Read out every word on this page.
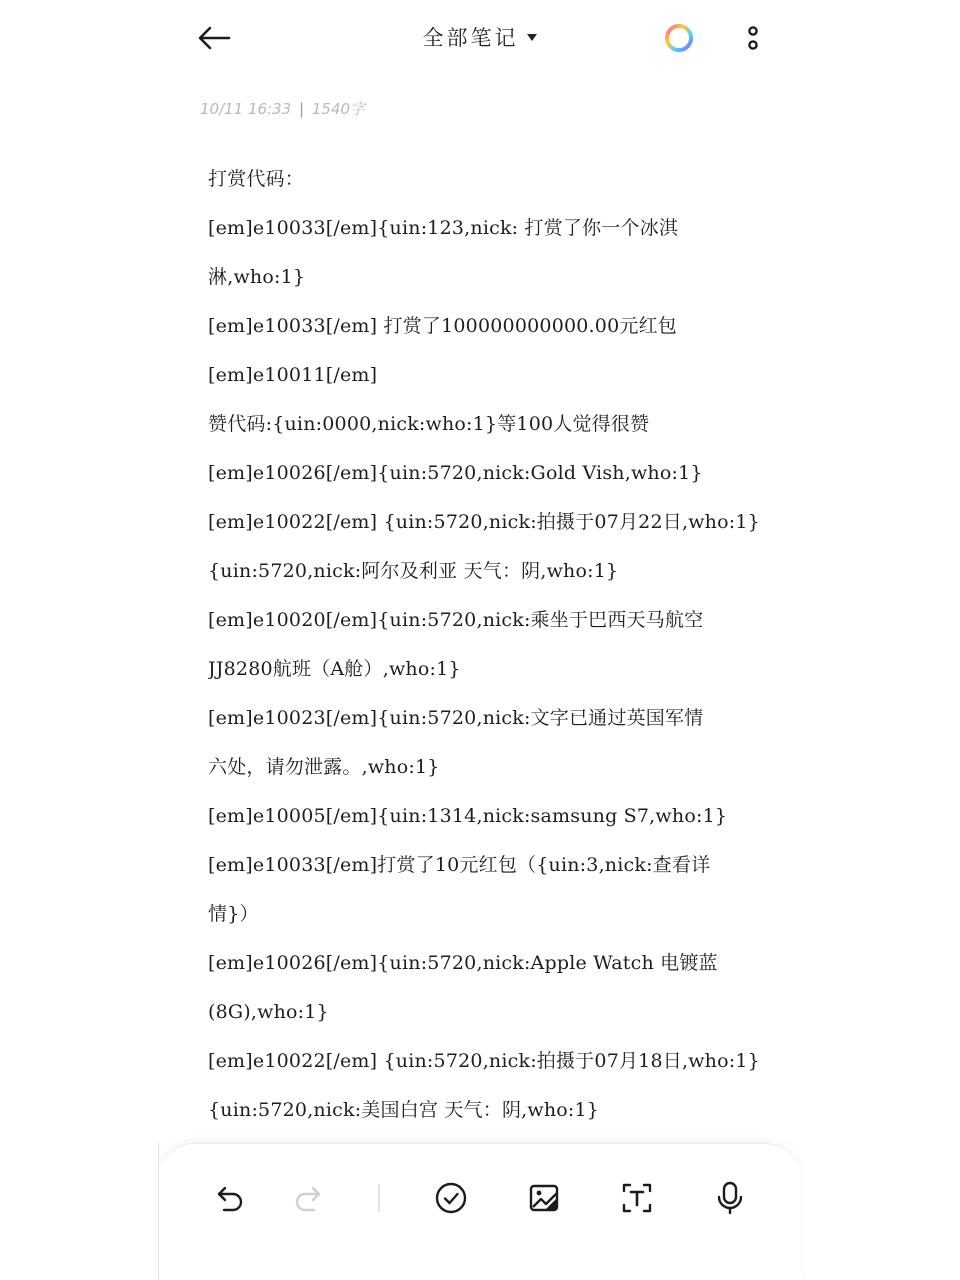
全部笔记
10/11 16:33 | 1540字
打赏代码：
[em]e10033[/em]{uin:123,nick: 打赏了你一个冰淇
淋,who:1}
[em]e10033[/em] 打赏了100000000000.00元红包
[em]e10011[/em]
赞代码:{uin:0000,nick:who:1}等100人觉得很赞
[em]e10026[/em]{uin:5720,nick:Gold Vish,who:1}
[em]e10022[/em] {uin:5720,nick:拍摄于07月22日,who:1}
{uin:5720,nick:阿尔及利亚 天气：阴,who:1}
[em]e10020[/em]{uin:5720,nick:乘坐于巴西天马航空
JJ8280航班（A舱）,who:1}
[em]e10023[/em]{uin:5720,nick:文字已通过英国军情
六处，请勿泄露。,who:1}
[em]e10005[/em]{uin:1314,nick:samsung S7,who:1}
[em]e10033[/em]打赏了10元红包（{uin:3,nick:查看详
情}）
[em]e10026[/em]{uin:5720,nick:Apple Watch 电镀蓝
(8G),who:1}
[em]e10022[/em] {uin:5720,nick:拍摄于07月18日,who:1}
{uin:5720,nick:美国白宫 天气：阴,who:1}
